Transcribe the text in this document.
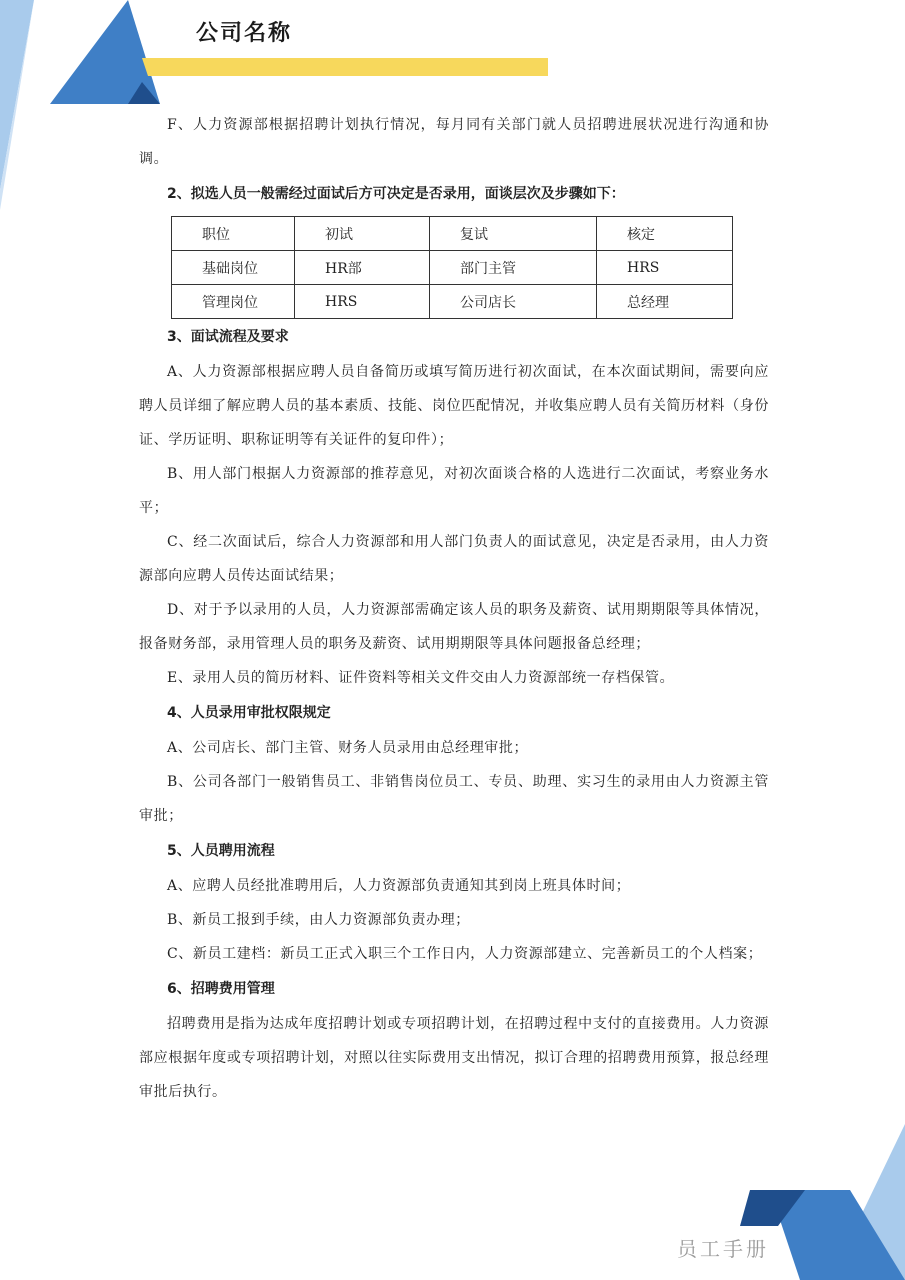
公司名称

F、人力资源部根据招聘计划执行情况，每月同有关部门就人员招聘进展状况进行沟通和协调。

2、拟选人员一般需经过面试后方可决定是否录用，面谈层次及步骤如下：
职位	初试	复试	核定
基础岗位	HR部	部门主管	HRS
管理岗位	HRS	公司店长	总经理
3、面试流程及要求

A、人力资源部根据应聘人员自备简历或填写简历进行初次面试，在本次面试期间，需要向应聘人员详细了解应聘人员的基本素质、技能、岗位匹配情况，并收集应聘人员有关简历材料（身份证、学历证明、职称证明等有关证件的复印件）；

B、用人部门根据人力资源部的推荐意见，对初次面谈合格的人选进行二次面试，考察业务水平；

C、经二次面试后，综合人力资源部和用人部门负责人的面试意见，决定是否录用，由人力资源部向应聘人员传达面试结果；

D、对于予以录用的人员，人力资源部需确定该人员的职务及薪资、试用期期限等具体情况，报备财务部，录用管理人员的职务及薪资、试用期期限等具体问题报备总经理；

E、录用人员的简历材料、证件资料等相关文件交由人力资源部统一存档保管。

4、人员录用审批权限规定

A、公司店长、部门主管、财务人员录用由总经理审批；

B、公司各部门一般销售员工、非销售岗位员工、专员、助理、实习生的录用由人力资源主管审批；

5、人员聘用流程

A、应聘人员经批准聘用后，人力资源部负责通知其到岗上班具体时间；

B、新员工报到手续，由人力资源部负责办理；

C、新员工建档：新员工正式入职三个工作日内，人力资源部建立、完善新员工的个人档案；

6、招聘费用管理

招聘费用是指为达成年度招聘计划或专项招聘计划，在招聘过程中支付的直接费用。人力资源部应根据年度或专项招聘计划，对照以往实际费用支出情况，拟订合理的招聘费用预算，报总经理审批后执行。

员工手册
